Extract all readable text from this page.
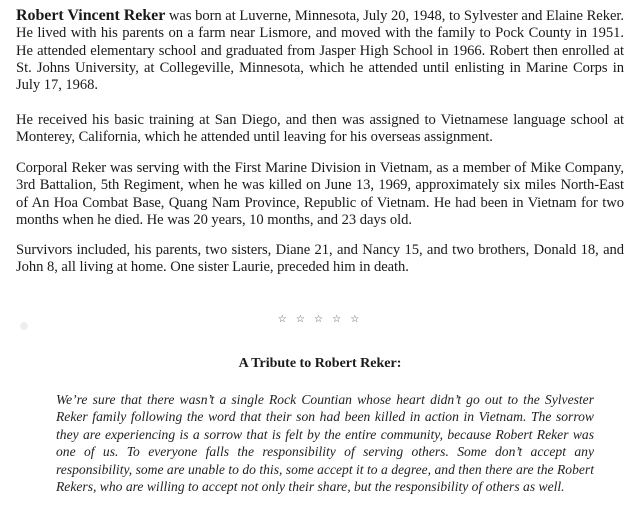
Robert Vincent Reker was born at Luverne, Minnesota, July 20, 1948, to Sylvester and Elaine Reker. He lived with his parents on a farm near Lismore, and moved with the family to Pock County in 1951. He attended elementary school and graduated from Jasper High School in 1966. Robert then enrolled at St. Johns University, at Collegeville, Minnesota, which he attended until enlisting in Marine Corps in July 17, 1968.

He received his basic training at San Diego, and then was assigned to Vietnamese language school at Monterey, California, which he attended until leaving for his overseas assignment.

Corporal Reker was serving with the First Marine Division in Vietnam, as a member of Mike Company, 3rd Battalion, 5th Regiment, when he was killed on June 13, 1969, approximately six miles North-East of An Hoa Combat Base, Quang Nam Province, Republic of Vietnam. He had been in Vietnam for two months when he died. He was 20 years, 10 months, and 23 days old.

Survivors included, his parents, two sisters, Diane 21, and Nancy 15, and two brothers, Donald 18, and John 8, all living at home. One sister Laurie, preceded him in death.

☆ ☆ ☆ ☆ ☆
A Tribute to Robert Reker:

We’re sure that there wasn’t a single Rock Countian whose heart didn’t go out to the Sylvester Reker family following the word that their son had been killed in action in Vietnam. The sorrow they are experiencing is a sorrow that is felt by the entire community, because Robert Reker was one of us. To everyone falls the responsibility of serving others. Some don’t accept any responsibility, some are unable to do this, some accept it to a degree, and then there are the Robert Rekers, who are willing to accept not only their share, but the responsibility of others as well.
